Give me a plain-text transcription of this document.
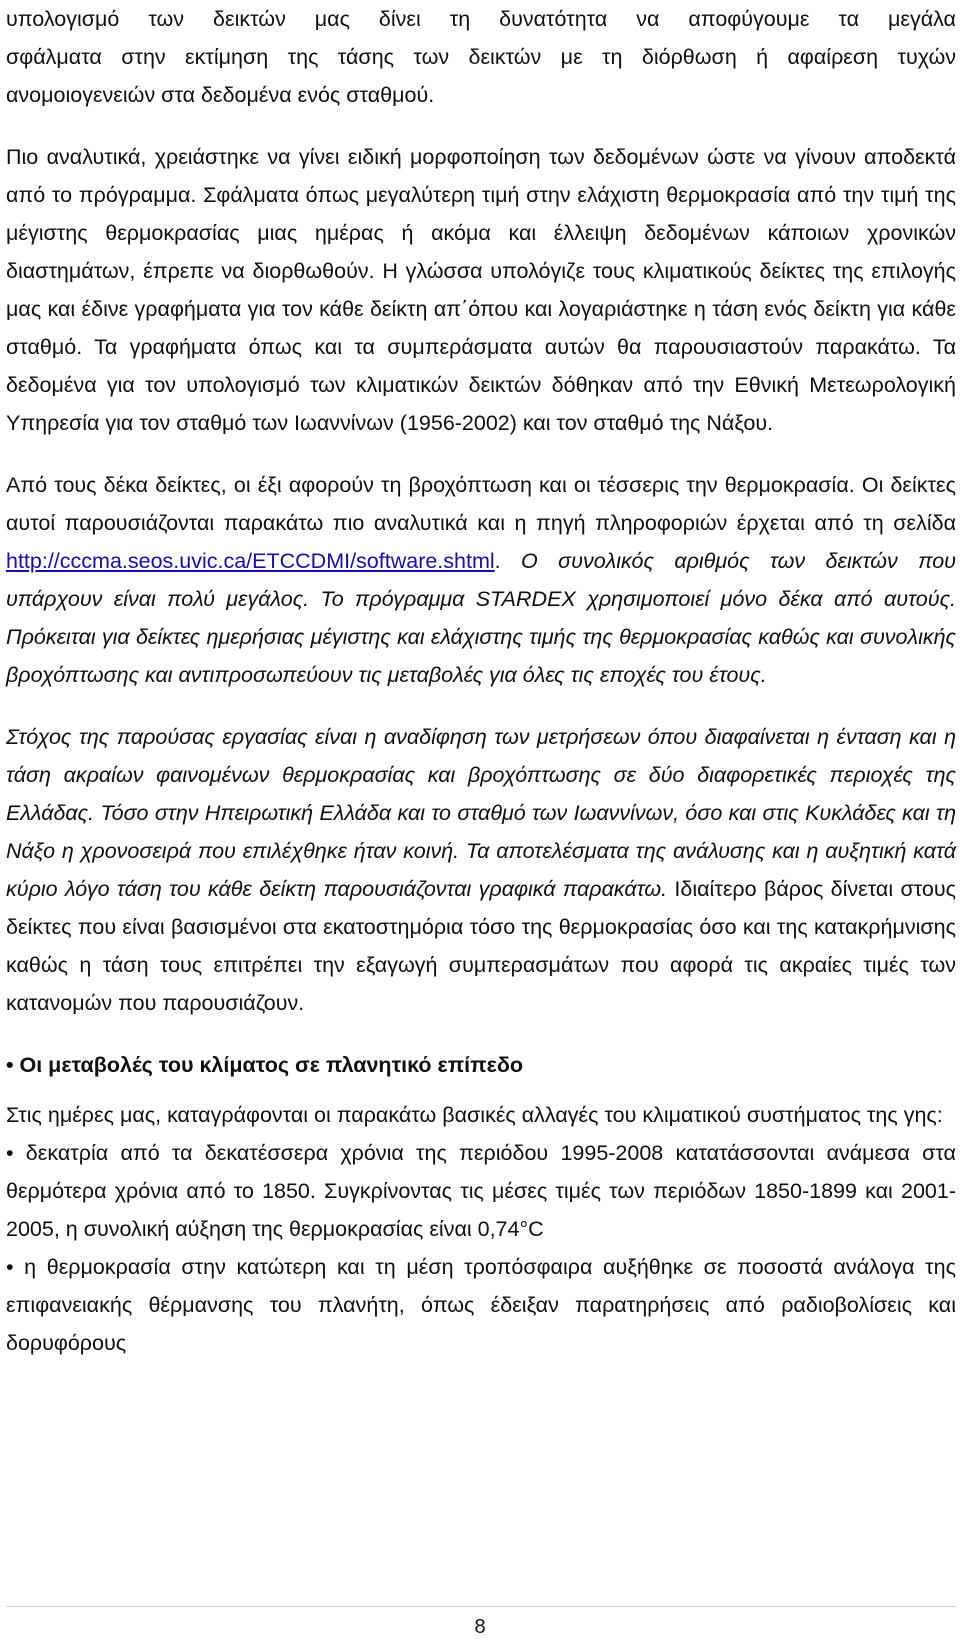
υπολογισμό των δεικτών μας δίνει τη δυνατότητα να αποφύγουμε τα μεγάλα

σφάλματα στην εκτίμηση της τάσης των δεικτών με τη διόρθωση ή αφαίρεση τυχών

ανομοιογενειών στα δεδομένα ενός σταθμού.

Πιο αναλυτικά, χρειάστηκε να γίνει ειδική μορφοποίηση των δεδομένων ώστε να γίνουν αποδεκτά από το πρόγραμμα. Σφάλματα όπως μεγαλύτερη τιμή στην ελάχιστη θερμοκρασία από την τιμή της μέγιστης θερμοκρασίας μιας ημέρας ή ακόμα και έλλειψη δεδομένων κάποιων χρονικών διαστημάτων, έπρεπε να διορθωθούν. Η γλώσσα υπολόγιζε τους κλιματικούς δείκτες της επιλογής μας και έδινε γραφήματα για τον κάθε δείκτη απ΄όπου και λογαριάστηκε η τάση ενός δείκτη για κάθε σταθμό. Τα γραφήματα όπως και τα συμπεράσματα αυτών θα παρουσιαστούν παρακάτω. Τα δεδομένα για τον υπολογισμό των κλιματικών δεικτών δόθηκαν από την Εθνική Μετεωρολογική Υπηρεσία για τον σταθμό των Ιωαννίνων (1956-2002) και τον σταθμό της Νάξου.

Από τους δέκα δείκτες, οι έξι αφορούν τη βροχόπτωση και οι τέσσερις την θερμοκρασία. Οι δείκτες αυτοί παρουσιάζονται παρακάτω πιο αναλυτικά και η πηγή πληροφοριών έρχεται από τη σελίδα http://cccma.seos.uvic.ca/ETCCDMI/software.shtml. Ο συνολικός αριθμός των δεικτών που υπάρχουν είναι πολύ μεγάλος. Το πρόγραμμα STARDEX χρησιμοποιεί μόνο δέκα από αυτούς. Πρόκειται για δείκτες ημερήσιας μέγιστης και ελάχιστης τιμής της θερμοκρασίας καθώς και συνολικής βροχόπτωσης και αντιπροσωπεύουν τις μεταβολές για όλες τις εποχές του έτους.

Στόχος της παρούσας εργασίας είναι η αναδίφηση των μετρήσεων όπου διαφαίνεται η ένταση και η τάση ακραίων φαινομένων θερμοκρασίας και βροχόπτωσης σε δύο διαφορετικές περιοχές της Ελλάδας. Τόσο στην Ηπειρωτική Ελλάδα και το σταθμό των Ιωαννίνων, όσο και στις Κυκλάδες και τη Νάξο η χρονοσειρά που επιλέχθηκε ήταν κοινή. Τα αποτελέσματα της ανάλυσης και η αυξητική κατά κύριο λόγο τάση του κάθε δείκτη παρουσιάζονται γραφικά παρακάτω. Ιδιαίτερο βάρος δίνεται στους δείκτες που είναι βασισμένοι στα εκατοστημόρια τόσο της θερμοκρασίας όσο και της κατακρήμνισης καθώς η τάση τους επιτρέπει την εξαγωγή συμπερασμάτων που αφορά τις ακραίες τιμές των κατανομών που παρουσιάζουν.

• Οι μεταβολές του κλίματος σε πλανητικό επίπεδο

Στις ημέρες μας, καταγράφονται οι παρακάτω βασικές αλλαγές του κλιματικού συστήματος της γης:

• δεκατρία από τα δεκατέσσερα χρόνια της περιόδου 1995-2008 κατατάσσονται ανάμεσα στα θερμότερα χρόνια από το 1850. Συγκρίνοντας τις μέσες τιμές των περιόδων 1850-1899 και 2001-2005, η συνολική αύξηση της θερμοκρασίας είναι 0,74°C

• η θερμοκρασία στην κατώτερη και τη μέση τροπόσφαιρα αυξήθηκε σε ποσοστά ανάλογα της επιφανειακής θέρμανσης του πλανήτη, όπως έδειξαν παρατηρήσεις από ραδιοβολίσεις και δορυφόρους

8
